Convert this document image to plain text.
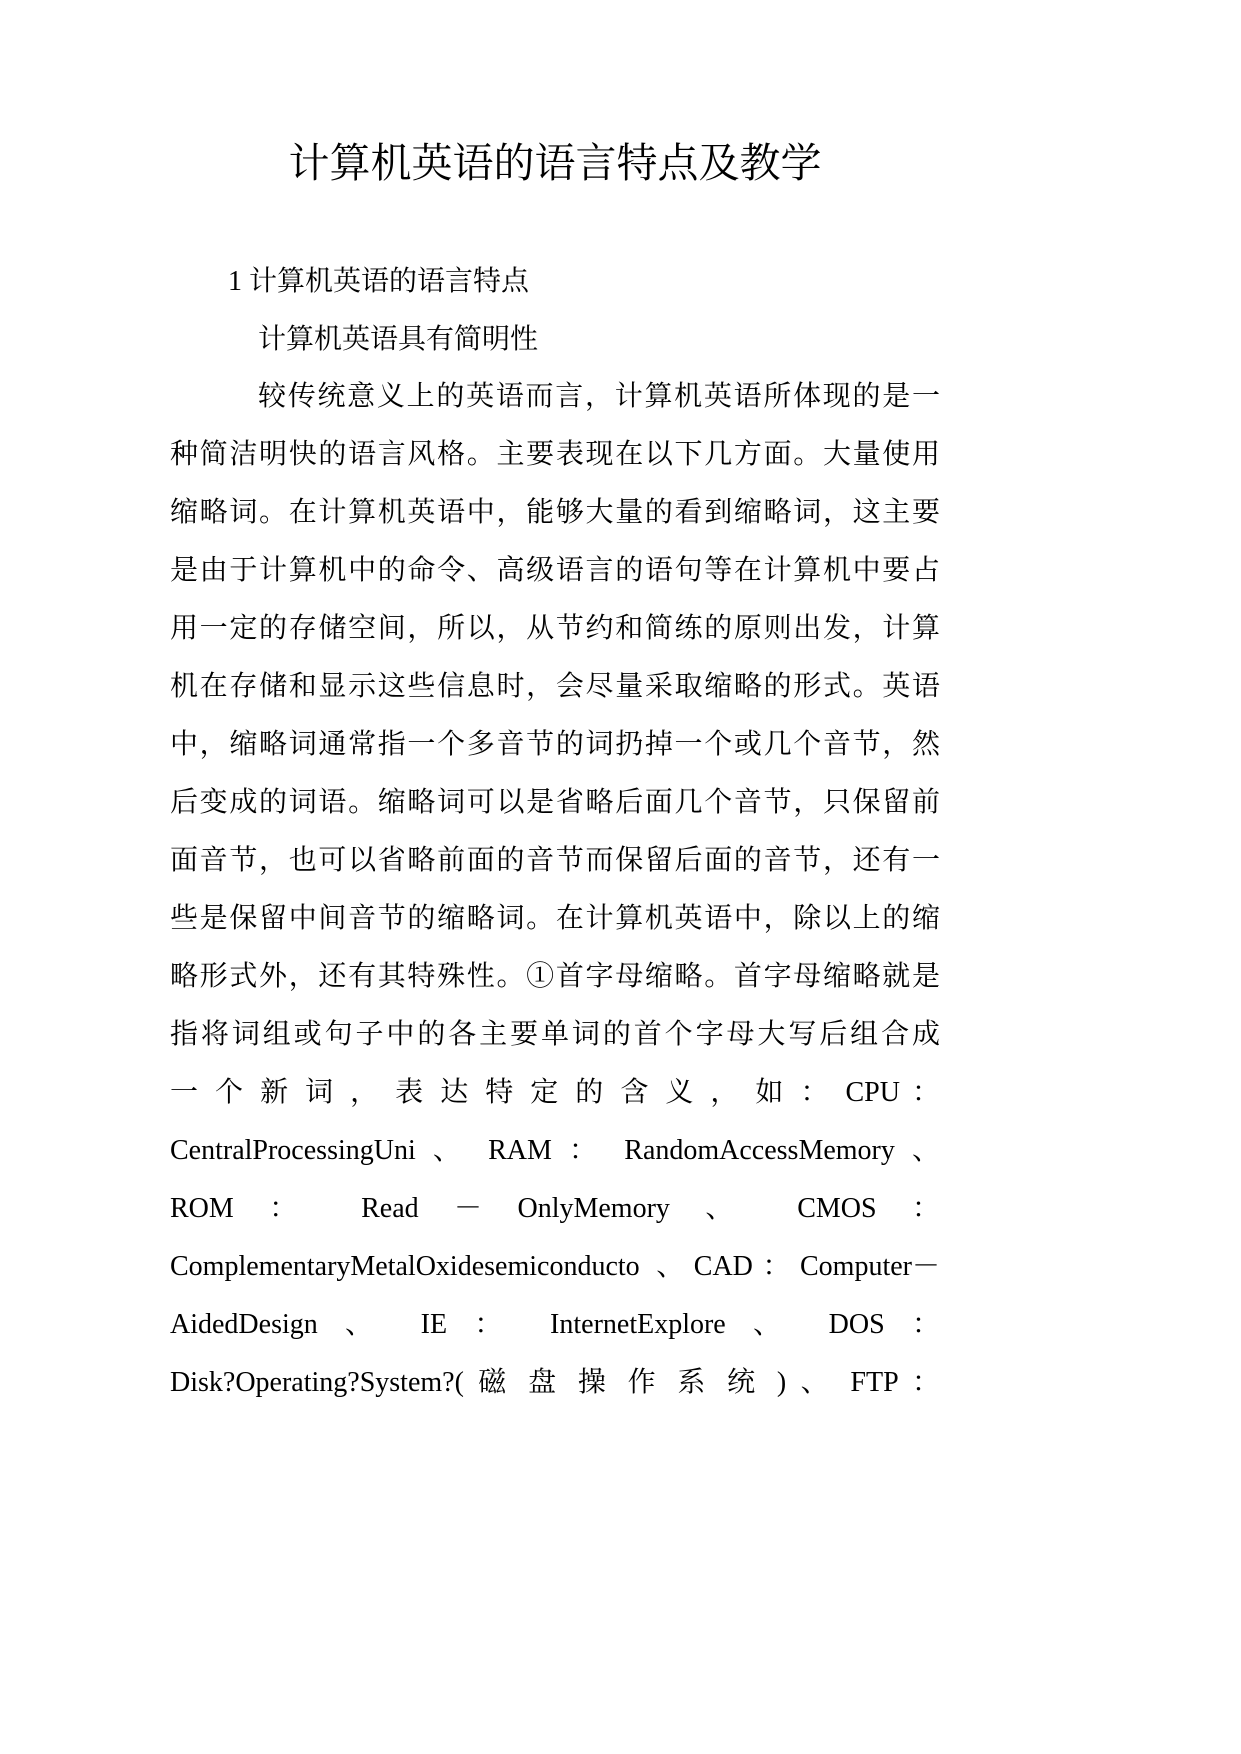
计算机英语的语言特点及教学
1 计算机英语的语言特点
计算机英语具有简明性
较传统意义上的英语而言，计算机英语所体现的是一
种简洁明快的语言风格。主要表现在以下几方面。大量使用
缩略词。在计算机英语中，能够大量的看到缩略词，这主要
是由于计算机中的命令、高级语言的语句等在计算机中要占
用一定的存储空间，所以，从节约和简练的原则出发，计算
机在存储和显示这些信息时，会尽量采取缩略的形式。英语
中，缩略词通常指一个多音节的词扔掉一个或几个音节，然
后变成的词语。缩略词可以是省略后面几个音节，只保留前
面音节，也可以省略前面的音节而保留后面的音节，还有一
些是保留中间音节的缩略词。在计算机英语中，除以上的缩
略形式外，还有其特殊性。①首字母缩略。首字母缩略就是
指将词组或句子中的各主要单词的首个字母大写后组合成
一 个 新 词 ， 表 达 特 定 的 含 义 ， 如 ： CPU ：
CentralProcessingUni 、 RAM ： RandomAccessMemory 、
ROM ： Read － OnlyMemory 、 CMOS ：
ComplementaryMetalOxidesemiconducto 、CAD：Computer－
AidedDesign 、 IE ： InternetExplore 、 DOS ：
Disk?Operating?System?( 磁 盘 操 作 系 统 ) 、 FTP ：
